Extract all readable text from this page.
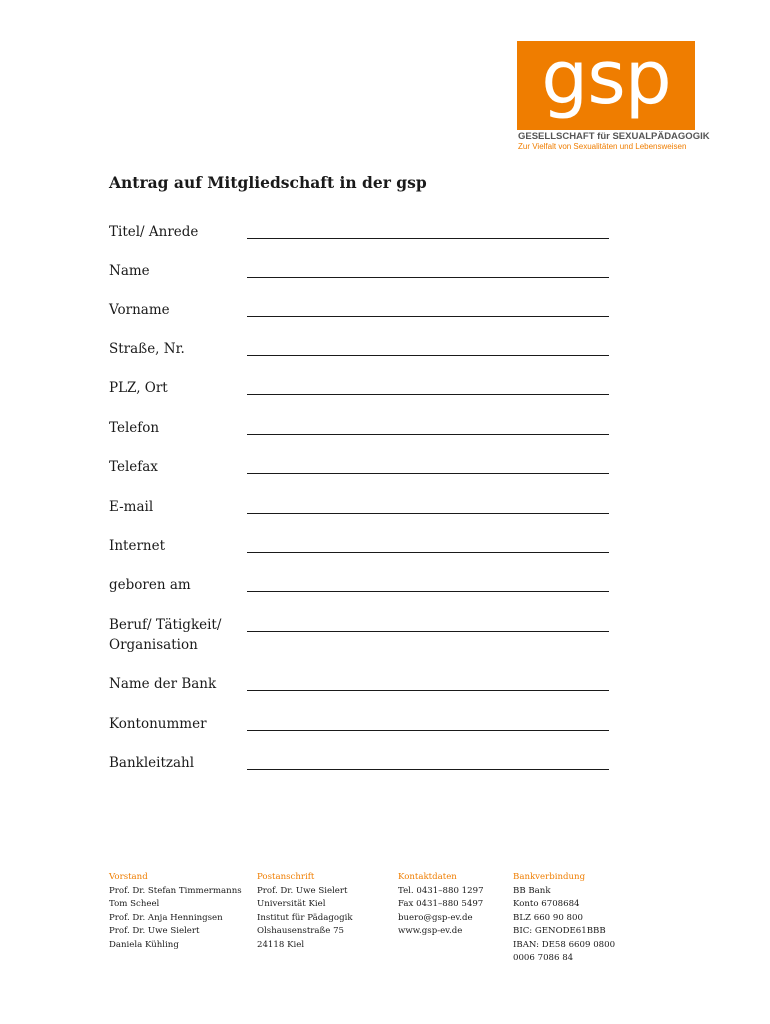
gsp
GESELLSCHAFT für SEXUALPÄDAGOGIK
Zur Vielfalt von Sexualitäten und Lebensweisen
Antrag auf Mitgliedschaft in der gsp
Titel/ Anrede
Name
Vorname
Straße, Nr.
PLZ, Ort
Telefon
Telefax
E-mail
Internet
geboren am
Beruf/ Tätigkeit/
Organisation
Name der Bank
Kontonummer
Bankleitzahl
Vorstand
Prof. Dr. Stefan Timmermanns
Tom Scheel
Prof. Dr. Anja Henningsen
Prof. Dr. Uwe Sielert
Daniela Kühling
Postanschrift
Prof. Dr. Uwe Sielert
Universität Kiel
Institut für Pädagogik
Olshausenstraße 75
24118 Kiel
Kontaktdaten
Tel. 0431–880 1297
Fax 0431–880 5497
buero@gsp-ev.de
www.gsp-ev.de
Bankverbindung
BB Bank
Konto 6708684
BLZ 660 90 800
BIC: GENODE61BBB
IBAN: DE58 6609 0800
0006 7086 84
